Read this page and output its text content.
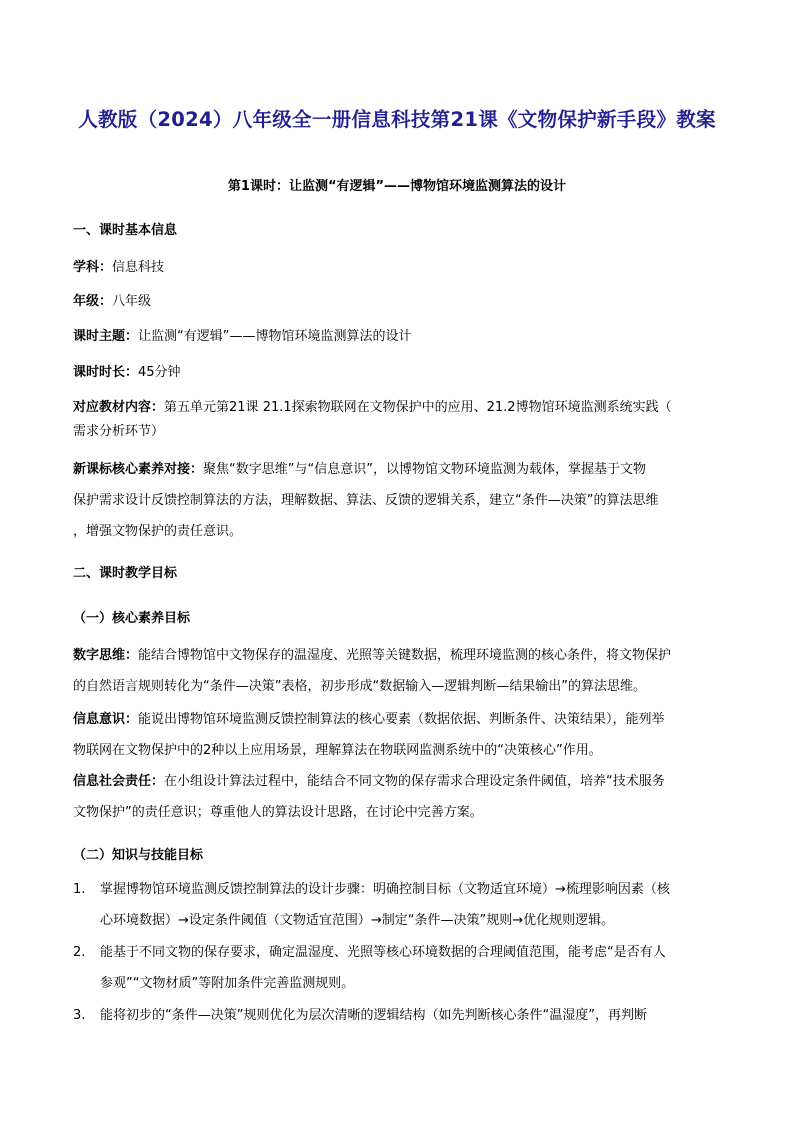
人教版（2024）八年级全一册信息科技第21课《文物保护新手段》教案
第1课时：让监测“有逻辑”——博物馆环境监测算法的设计
一、课时基本信息
学科：信息科技
年级：八年级
课时主题：让监测“有逻辑”——博物馆环境监测算法的设计
课时时长：45分钟
对应教材内容：第五单元第21课 21.1探索物联网在文物保护中的应用、21.2博物馆环境监测系统实践（
需求分析环节）
新课标核心素养对接：聚焦“数字思维”与“信息意识”，以博物馆文物环境监测为载体，掌握基于文物
保护需求设计反馈控制算法的方法，理解数据、算法、反馈的逻辑关系，建立“条件—决策”的算法思维
，增强文物保护的责任意识。
二、课时教学目标
（一）核心素养目标
数字思维：能结合博物馆中文物保存的温湿度、光照等关键数据，梳理环境监测的核心条件，将文物保护
的自然语言规则转化为“条件—决策”表格，初步形成“数据输入—逻辑判断—结果输出”的算法思维。
信息意识：能说出博物馆环境监测反馈控制算法的核心要素（数据依据、判断条件、决策结果），能列举
物联网在文物保护中的2种以上应用场景，理解算法在物联网监测系统中的“决策核心”作用。
信息社会责任：在小组设计算法过程中，能结合不同文物的保存需求合理设定条件阈值，培养“技术服务
文物保护”的责任意识；尊重他人的算法设计思路，在讨论中完善方案。
（二）知识与技能目标
1.	掌握博物馆环境监测反馈控制算法的设计步骤：明确控制目标（文物适宜环境）→梳理影响因素（核
心环境数据）→设定条件阈值（文物适宜范围）→制定“条件—决策”规则→优化规则逻辑。
2.	能基于不同文物的保存要求，确定温湿度、光照等核心环境数据的合理阈值范围，能考虑“是否有人
参观”“文物材质”等附加条件完善监测规则。
3.	能将初步的“条件—决策”规则优化为层次清晰的逻辑结构（如先判断核心条件“温湿度”，再判断
